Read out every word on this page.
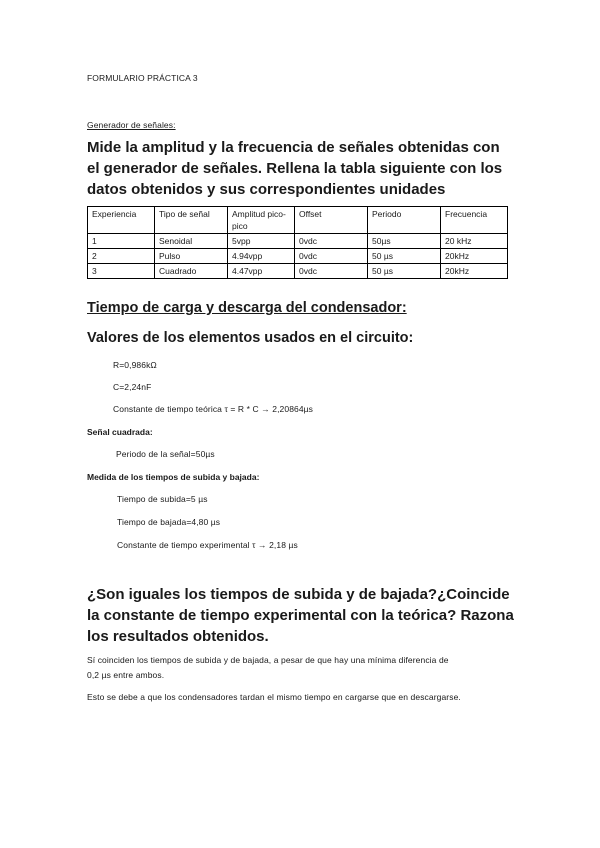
FORMULARIO PRÁCTICA 3
Generador de señales:
Mide la amplitud y la frecuencia de señales obtenidas con el generador de señales. Rellena la tabla siguiente con los datos obtenidos y sus correspondientes unidades
Experiencia	Tipo de señal	Amplitud pico-pico	Offset	Periodo	Frecuencia
1	Senoidal	5vpp	0vdc	50µs	20 kHz
2	Pulso	4.94vpp	0vdc	50 µs	20kHz
3	Cuadrado	4.47vpp	0vdc	50 µs	20kHz
Tiempo de carga y descarga del condensador:
Valores de los elementos usados en el circuito:
R=0,986kΩ
C=2,24nF
Constante de tiempo teórica τ = R * C → 2,20864µs
Señal cuadrada:
Periodo de la señal=50µs
Medida de los tiempos de subida y bajada:
Tiempo de subida=5 µs
Tiempo de bajada=4,80 µs
Constante de tiempo experimental τ → 2,18 µs
¿Son iguales los tiempos de subida y de bajada?¿Coincide la constante de tiempo experimental con la teórica? Razona los resultados obtenidos.
Sí coinciden los tiempos de subida y de bajada, a pesar de que hay una mínima diferencia de
0,2 µs entre ambos.
Esto se debe a que los condensadores tardan el mismo tiempo en cargarse que en descargarse.
